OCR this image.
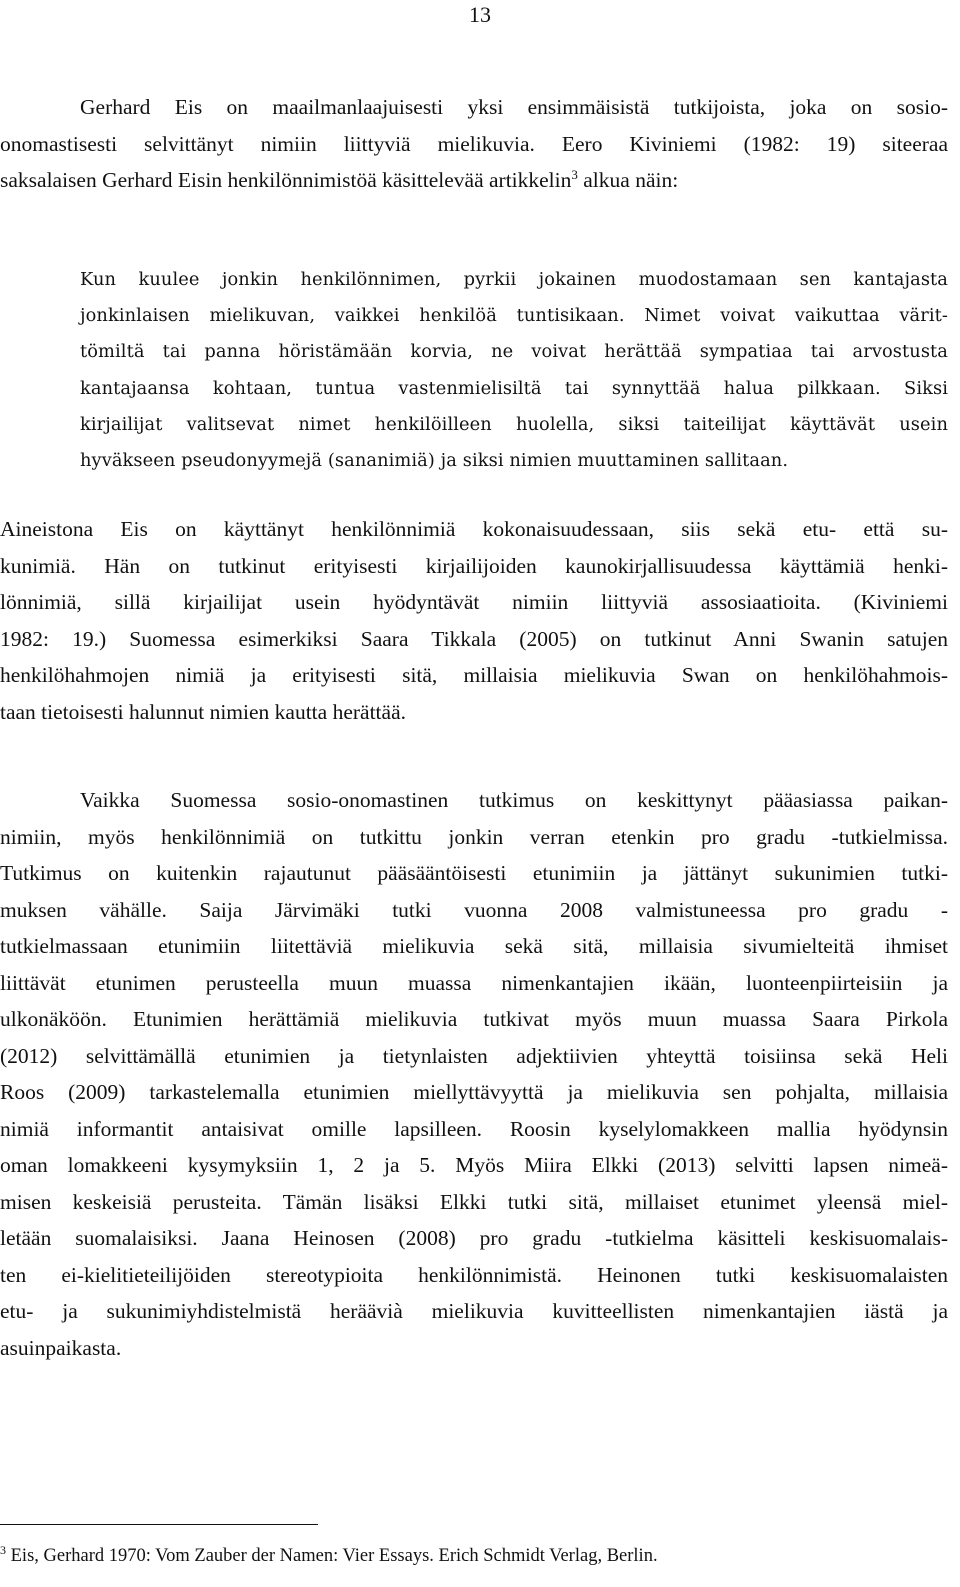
13
Gerhard Eis on maailmanlaajuisesti yksi ensimmäisistä tutkijoista, joka on sosio-
onomastisesti selvittänyt nimiin liittyviä mielikuvia. Eero Kiviniemi (1982: 19) siteeraa
saksalaisen Gerhard Eisin henkilönnimistöä käsittelevää artikkelin$^3$ alkua näin:
Kun kuulee jonkin henkilönnimen, pyrkii jokainen muodostamaan sen kantajasta
jonkinlaisen mielikuvan, vaikkei henkilöä tuntisikaan. Nimet voivat vaikuttaa värit-
tömiltä tai panna höristämään korvia, ne voivat herättää sympatiaa tai arvostusta
kantajaansa kohtaan, tuntua vastenmielisiltä tai synnyttää halua pilkkaan. Siksi
kirjailijat valitsevat nimet henkilöilleen huolella, siksi taiteilijat käyttävät usein
hyväkseen pseudonyymejä (sananimiä) ja siksi nimien muuttaminen sallitaan.
Aineistona Eis on käyttänyt henkilönnimiä kokonaisuudessaan, siis sekä etu- että su-
kunimiä. Hän on tutkinut erityisesti kirjailijoiden kaunokirjallisuudessa käyttämiä henki-
lönnimiä, sillä kirjailijat usein hyödyntävät nimiin liittyviä assosiaatioita. (Kiviniemi
1982: 19.) Suomessa esimerkiksi Saara Tikkala (2005) on tutkinut Anni Swanin satujen
henkilöhahmojen nimiä ja erityisesti sitä, millaisia mielikuvia Swan on henkilöhahmois-
taan tietoisesti halunnut nimien kautta herättää.
Vaikka Suomessa sosio-onomastinen tutkimus on keskittynyt pääasiassa paikan-
nimiin, myös henkilönnimiä on tutkittu jonkin verran etenkin pro gradu -tutkielmissa.
Tutkimus on kuitenkin rajautunut pääsääntöisesti etunimiin ja jättänyt sukunimien tutki-
muksen vähälle. Saija Järvimäki tutki vuonna 2008 valmistuneessa pro gradu -
tutkielmassaan etunimiin liitettäviä mielikuvia sekä sitä, millaisia sivumielteitä ihmiset
liittävät etunimen perusteella muun muassa nimenkantajien ikään, luonteenpiirteisiin ja
ulkonäköön. Etunimien herättämiä mielikuvia tutkivat myös muun muassa Saara Pirkola
(2012) selvittämällä etunimien ja tietynlaisten adjektiivien yhteyttä toisiinsa sekä Heli
Roos (2009) tarkastelemalla etunimien miellyttävyyttä ja mielikuvia sen pohjalta, millaisia
nimiä informantit antaisivat omille lapsilleen. Roosin kyselylomakkeen mallia hyödynsin
oman lomakkeeni kysymyksiin 1, 2 ja 5. Myös Miira Elkki (2013) selvitti lapsen nimeä-
misen keskeisiä perusteita. Tämän lisäksi Elkki tutki sitä, millaiset etunimet yleensä miel-
letään suomalaisiksi. Jaana Heinosen (2008) pro gradu -tutkielma käsitteli keskisuomalais-
ten ei-kielitieteilijöiden stereotypioita henkilönnimistä. Heinonen tutki keskisuomalaisten
etu- ja sukunimiyhdistelmistä heräävià mielikuvia kuvitteellisten nimenkantajien iästä ja
asuinpaikasta.
$^3$ Eis, Gerhard 1970: Vom Zauber der Namen: Vier Essays. Erich Schmidt Verlag, Berlin.
